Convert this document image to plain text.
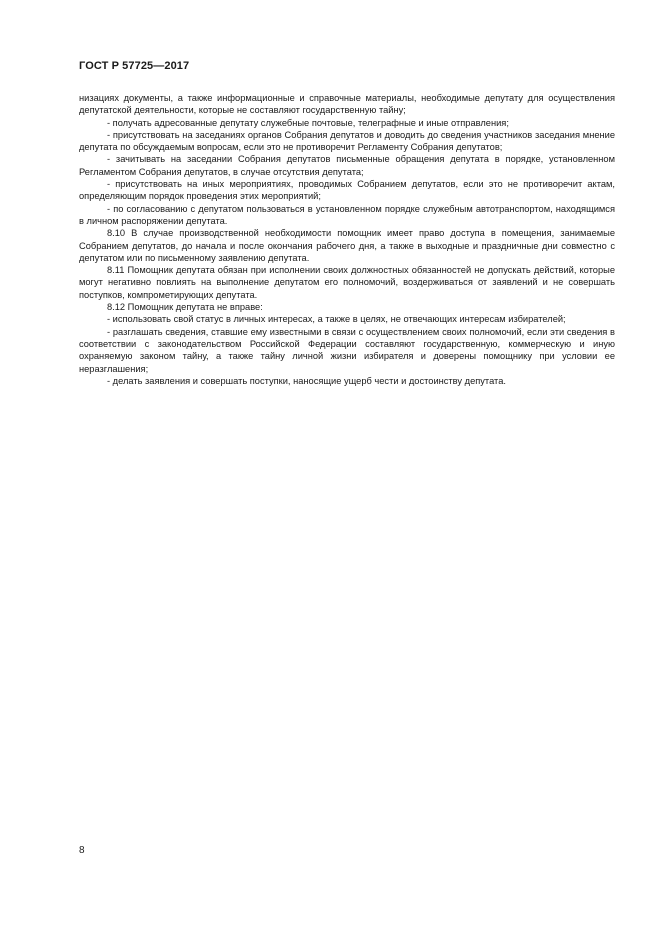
ГОСТ Р 57725—2017

низациях документы, а также информационные и справочные материалы, необходимые депутату для осуществления депутатской деятельности, которые не составляют государственную тайну;

- получать адресованные депутату служебные почтовые, телеграфные и иные отправления;

- присутствовать на заседаниях органов Собрания депутатов и доводить до сведения участников заседания мнение депутата по обсуждаемым вопросам, если это не противоречит Регламенту Собрания депутатов;

- зачитывать на заседании Собрания депутатов письменные обращения депутата в порядке, установленном Регламентом Собрания депутатов, в случае отсутствия депутата;

- присутствовать на иных мероприятиях, проводимых Собранием депутатов, если это не противоречит актам, определяющим порядок проведения этих мероприятий;

- по согласованию с депутатом пользоваться в установленном порядке служебным автотранспортом, находящимся в личном распоряжении депутата.

8.10 В случае производственной необходимости помощник имеет право доступа в помещения, занимаемые Собранием депутатов, до начала и после окончания рабочего дня, а также в выходные и праздничные дни совместно с депутатом или по письменному заявлению депутата.

8.11 Помощник депутата обязан при исполнении своих должностных обязанностей не допускать действий, которые могут негативно повлиять на выполнение депутатом его полномочий, воздерживаться от заявлений и не совершать поступков, компрометирующих депутата.

8.12 Помощник депутата не вправе:

- использовать свой статус в личных интересах, а также в целях, не отвечающих интересам избирателей;

- разглашать сведения, ставшие ему известными в связи с осуществлением своих полномочий, если эти сведения в соответствии с законодательством Российской Федерации составляют государственную, коммерческую и иную охраняемую законом тайну, а также тайну личной жизни избирателя и доверены помощнику при условии ее неразглашения;

- делать заявления и совершать поступки, наносящие ущерб чести и достоинству депутата.

8
